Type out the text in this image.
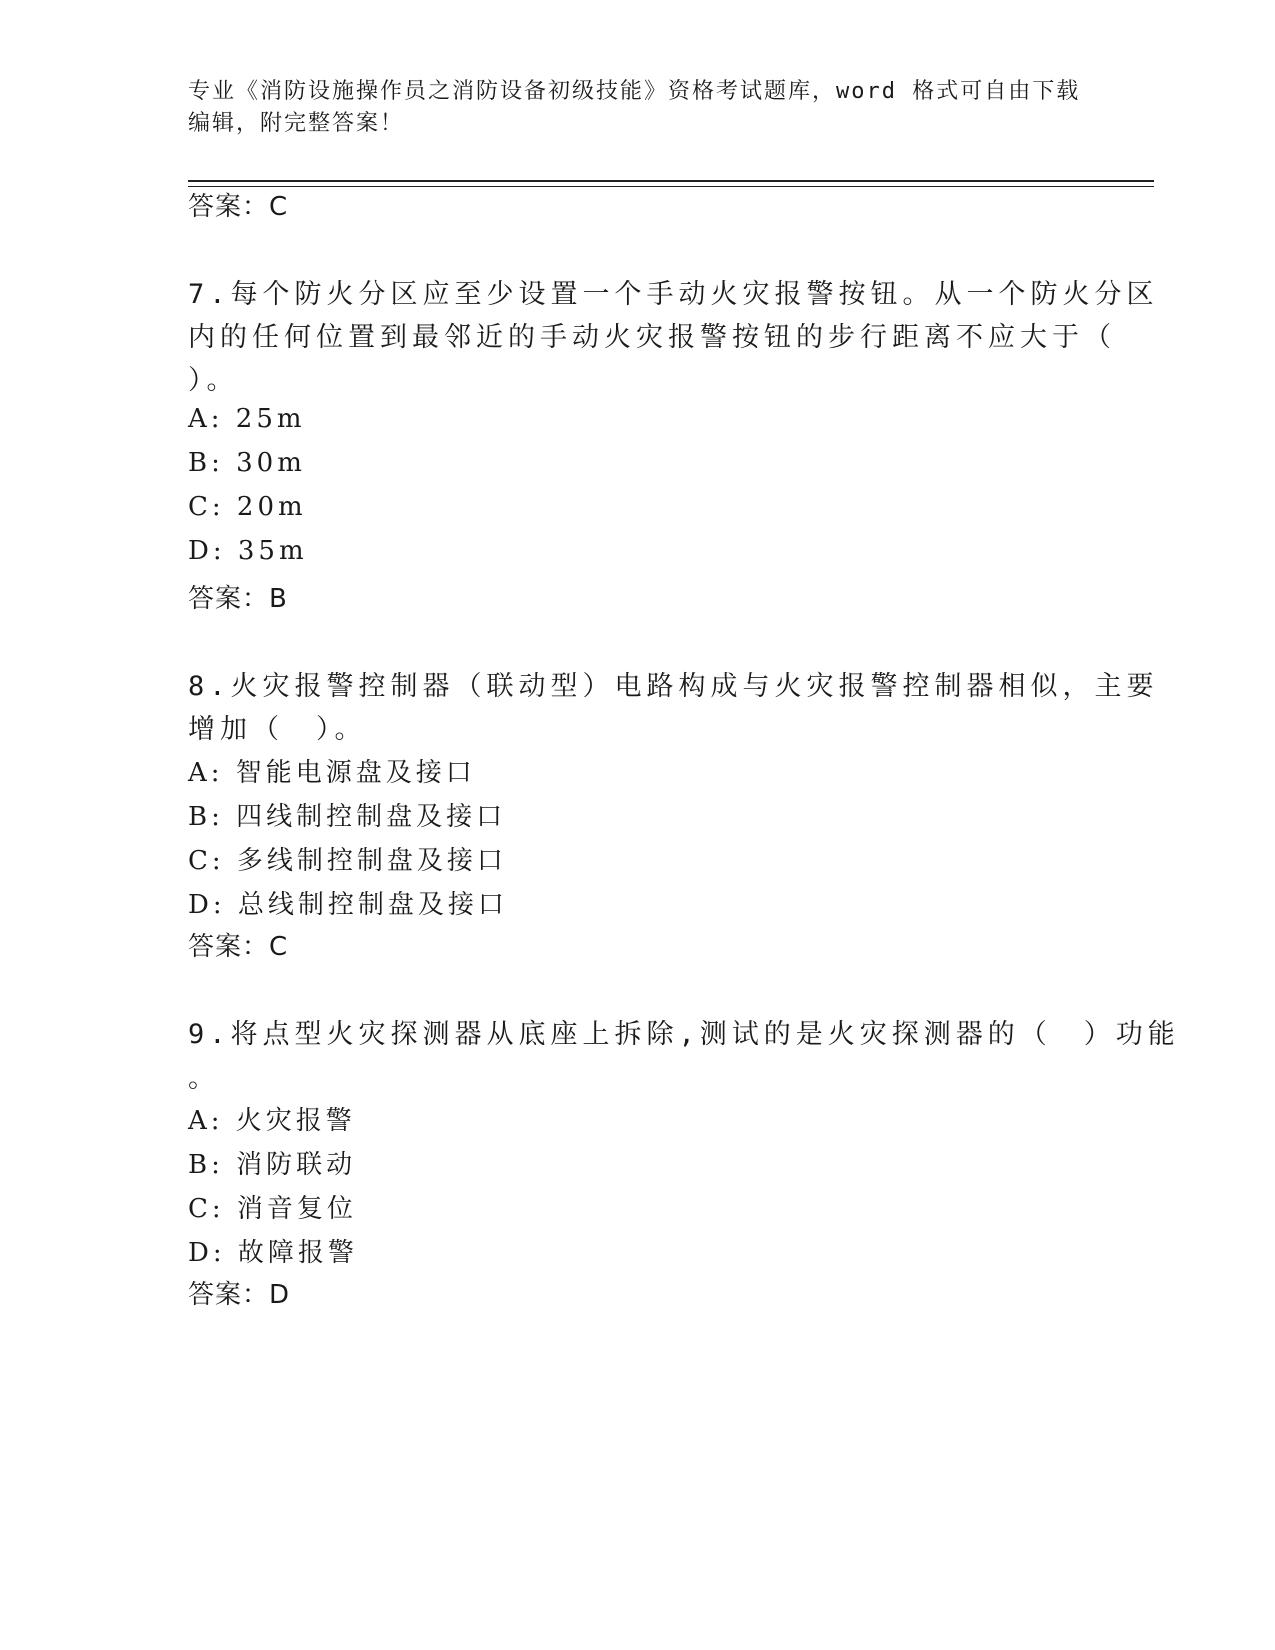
专业《消防设施操作员之消防设备初级技能》资格考试题库，word 格式可自由下载编辑，附完整答案！

答案：C

7.每个防火分区应至少设置一个手动火灾报警按钮。从一个防火分区

内的任何位置到最邻近的手动火灾报警按钮的步行距离不应大于（

）。

A: 25m

B: 30m

C: 20m

D: 35m

答案：B

8.火灾报警控制器（联动型）电路构成与火灾报警控制器相似，主要

增加（　）。

A: 智能电源盘及接口

B: 四线制控制盘及接口

C: 多线制控制盘及接口

D: 总线制控制盘及接口

答案：C

9.将点型火灾探测器从底座上拆除,测试的是火灾探测器的（　）功能

。

A: 火灾报警

B: 消防联动

C: 消音复位

D: 故障报警

答案：D
